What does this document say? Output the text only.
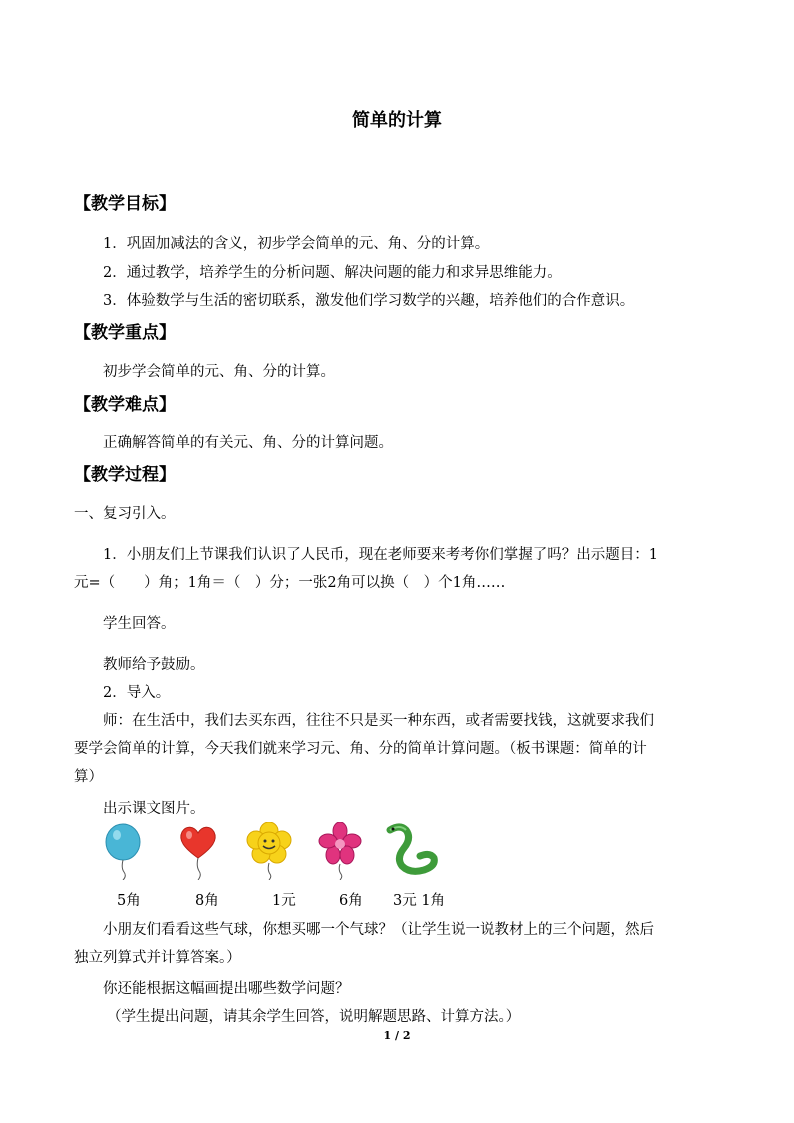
简单的计算
【教学目标】
1．巩固加减法的含义，初步学会简单的元、角、分的计算。
2．通过教学，培养学生的分析问题、解决问题的能力和求异思维能力。
3．体验数学与生活的密切联系，激发他们学习数学的兴趣，培养他们的合作意识。
【教学重点】
初步学会简单的元、角、分的计算。
【教学难点】
正确解答简单的有关元、角、分的计算问题。
【教学过程】
一、复习引入。
1．小朋友们上节课我们认识了人民币，现在老师要来考考你们掌握了吗？出示题目：1
元=（　　）角；1角＝（　）分；一张2角可以换（　）个1角……
学生回答。
教师给予鼓励。
2．导入。
师：在生活中，我们去买东西，往往不只是买一种东西，或者需要找钱，这就要求我们
要学会简单的计算，今天我们就来学习元、角、分的简单计算问题。（板书课题：简单的计
算）
出示课文图片。
5角	8角	1元	6角 3元 1角
小朋友们看看这些气球，你想买哪一个气球？（让学生说一说教材上的三个问题，然后
独立列算式并计算答案。）
你还能根据这幅画提出哪些数学问题？
（学生提出问题，请其余学生回答，说明解题思路、计算方法。）
1 / 2
